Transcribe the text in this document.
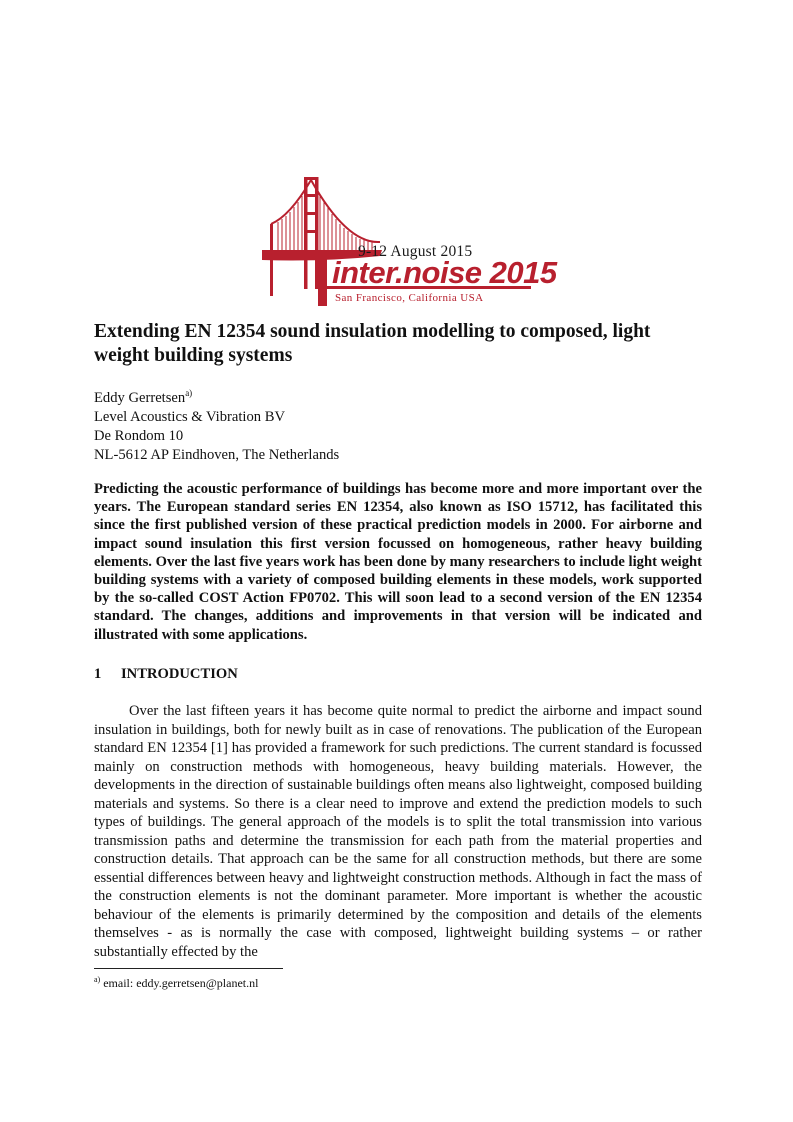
9-12 August 2015
inter.noise 2015
San Francisco, California USA
Extending EN 12354 sound insulation modelling to composed, light weight building systems
Eddy Gerretsen$^{a)}$
Level Acoustics & Vibration BV
De Rondom 10
NL-5612 AP Eindhoven, The Netherlands

Predicting the acoustic performance of buildings has become more and more important over the years. The European standard series EN 12354, also known as ISO 15712, has facilitated this since the first published version of these practical prediction models in 2000. For airborne and impact sound insulation this first version focussed on homogeneous, rather heavy building elements. Over the last five years work has been done by many researchers to include light weight building systems with a variety of composed building elements in these models, work supported by the so-called COST Action FP0702. This will soon lead to a second version of the EN 12354 standard. The changes, additions and improvements in that version will be indicated and illustrated with some applications.

1 INTRODUCTION

Over the last fifteen years it has become quite normal to predict the airborne and impact sound insulation in buildings, both for newly built as in case of renovations. The publication of the European standard EN 12354 [1] has provided a framework for such predictions. The current standard is focussed mainly on construction methods with homogeneous, heavy building materials. However, the developments in the direction of sustainable buildings often means also lightweight, composed building materials and systems. So there is a clear need to improve and extend the prediction models to such types of buildings. The general approach of the models is to split the total transmission into various transmission paths and determine the transmission for each path from the material properties and construction details. That approach can be the same for all construction methods, but there are some essential differences between heavy and lightweight construction methods. Although in fact the mass of the construction elements is not the dominant parameter. More important is whether the acoustic behaviour of the elements is primarily determined by the composition and details of the elements themselves - as is normally the case with composed, lightweight building systems – or rather substantially effected by the

$^{a)}$ email: eddy.gerretsen@planet.nl
